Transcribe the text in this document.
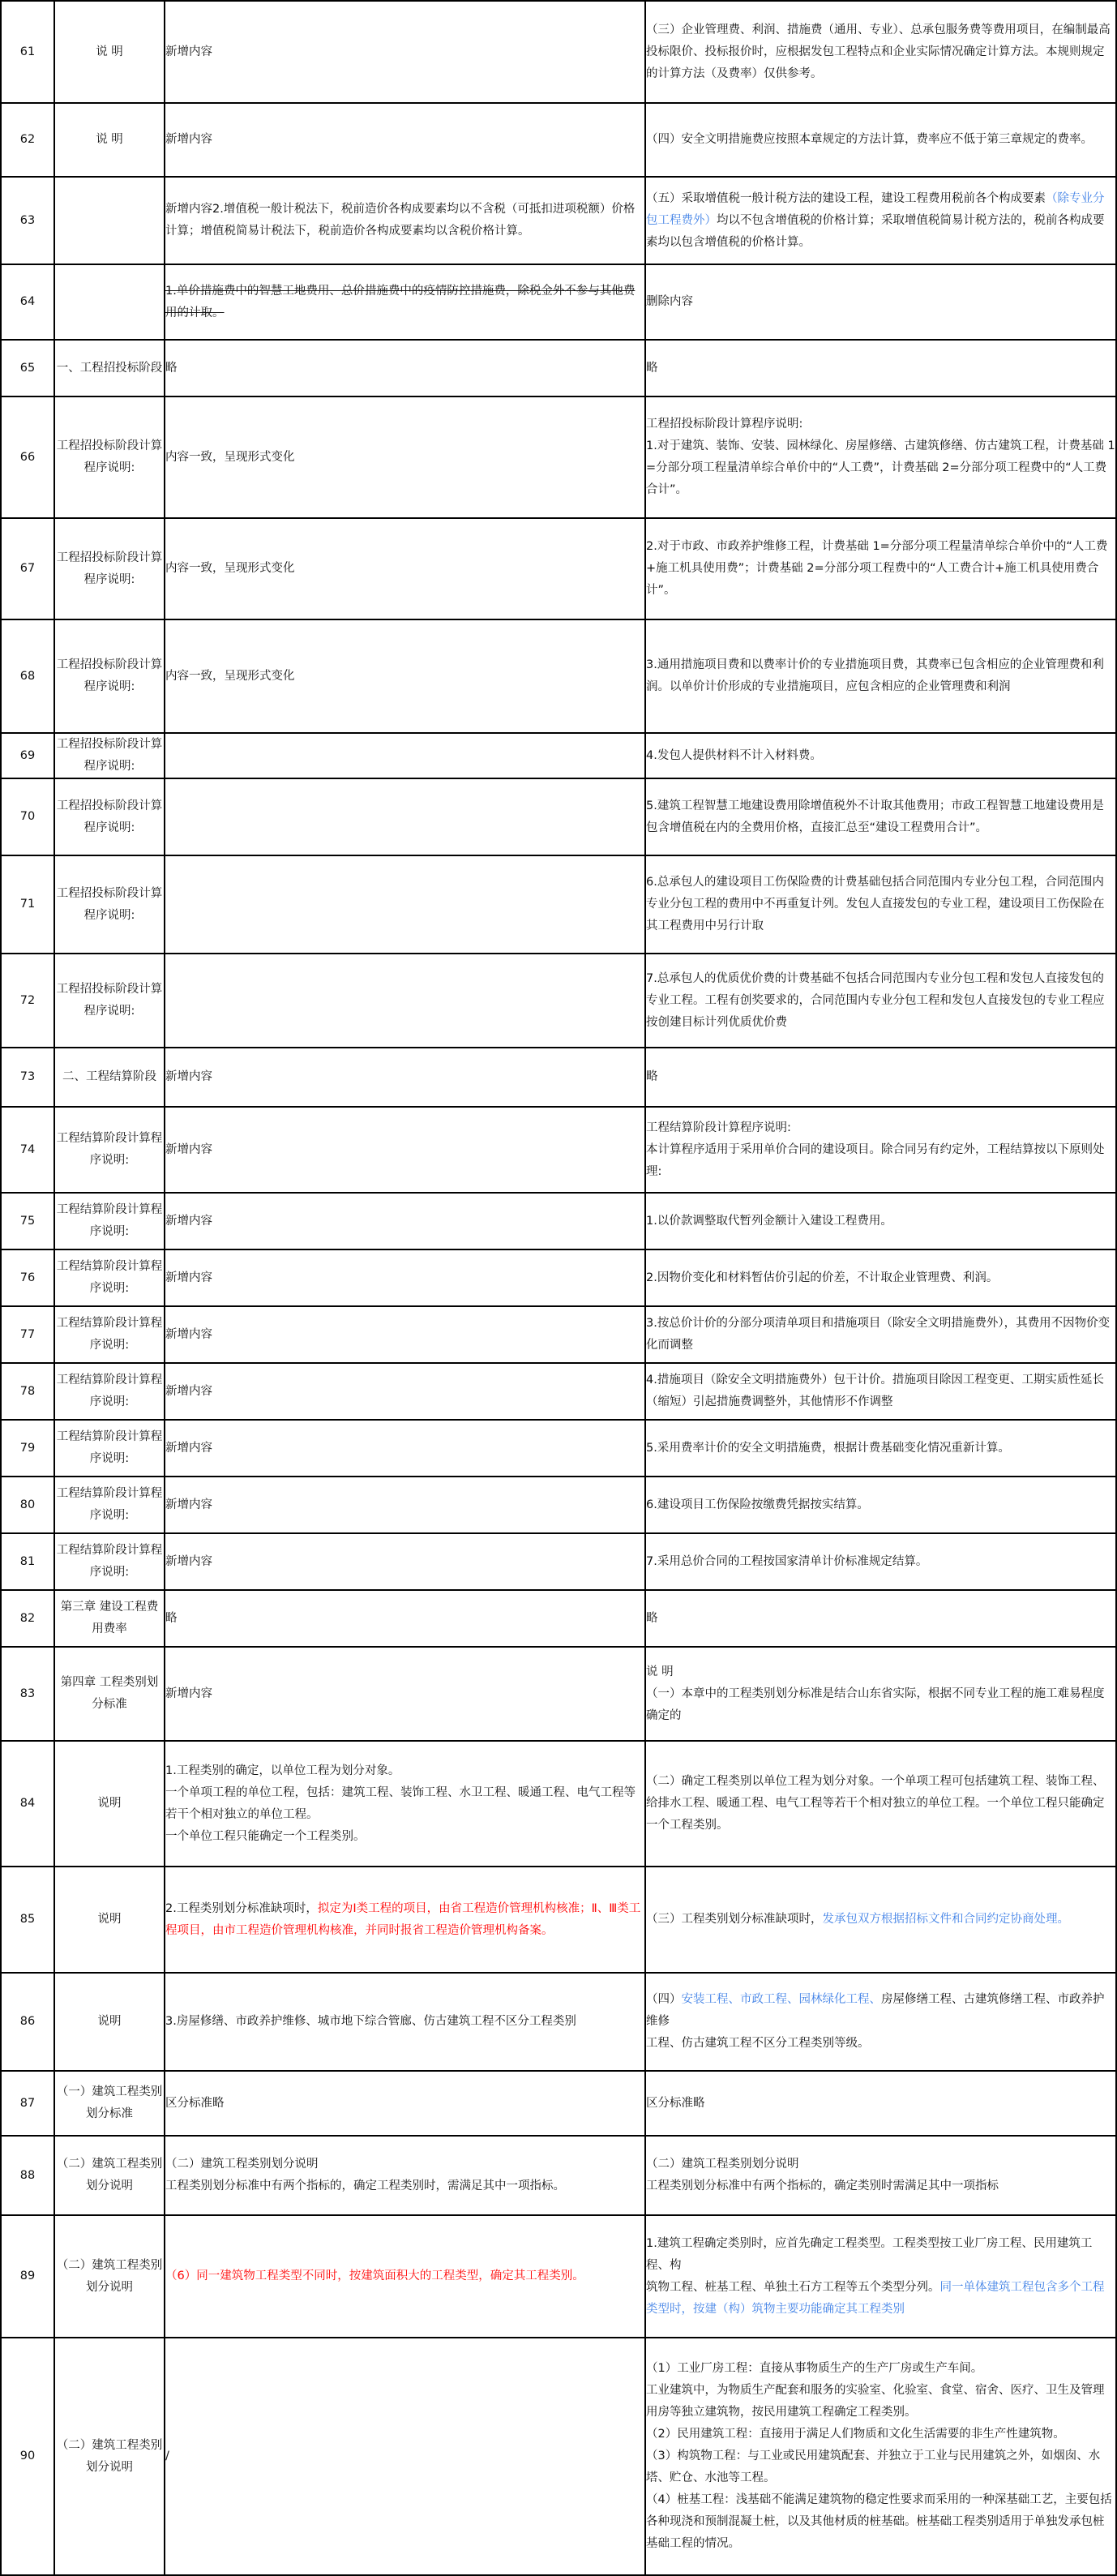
61	说 明	新增内容	（三）企业管理费、利润、措施费（通用、专业）、总承包服务费等费用项目，在编制最高投标限价、投标报价时，应根据发包工程特点和企业实际情况确定计算方法。本规则规定的计算方法（及费率）仅供参考。
62	说 明	新增内容	（四）安全文明措施费应按照本章规定的方法计算，费率应不低于第三章规定的费率。
63		新增内容2.增值税一般计税法下，税前造价各构成要素均以不含税（可抵扣进项税额）价格计算；增值税简易计税法下，税前造价各构成要素均以含税价格计算。	（五）采取增值税一般计税方法的建设工程，建设工程费用税前各个构成要素（除专业分包工程费外）均以不包含增值税的价格计算；采取增值税简易计税方法的，税前各构成要素均以包含增值税的价格计算。
64		1.单价措施费中的智慧工地费用、总价措施费中的疫情防控措施费，除税金外不参与其他费用的计取。	删除内容
65	一、工程招投标阶段	略	略
66	工程招投标阶段计算程序说明:	内容一致，呈现形式变化	工程招投标阶段计算程序说明:
1.对于建筑、装饰、安装、园林绿化、房屋修缮、古建筑修缮、仿古建筑工程，计费基础 1=分部分项工程量清单综合单价中的“人工费”，计费基础 2=分部分项工程费中的“人工费合计”。
67	工程招投标阶段计算程序说明:	内容一致，呈现形式变化	2.对于市政、市政养护维修工程，计费基础 1=分部分项工程量清单综合单价中的“人工费+施工机具使用费”；计费基础 2=分部分项工程费中的“人工费合计+施工机具使用费合计”。
68	工程招投标阶段计算程序说明:	内容一致，呈现形式变化	3.通用措施项目费和以费率计价的专业措施项目费，其费率已包含相应的企业管理费和利润。以单价计价形成的专业措施项目，应包含相应的企业管理费和利润
69	工程招投标阶段计算程序说明:		4.发包人提供材料不计入材料费。
70	工程招投标阶段计算程序说明:		5.建筑工程智慧工地建设费用除增值税外不计取其他费用；市政工程智慧工地建设费用是包含增值税在内的全费用价格，直接汇总至“建设工程费用合计”。
71	工程招投标阶段计算程序说明:		6.总承包人的建设项目工伤保险费的计费基础包括合同范围内专业分包工程，合同范围内专业分包工程的费用中不再重复计列。发包人直接发包的专业工程，建设项目工伤保险在其工程费用中另行计取
72	工程招投标阶段计算程序说明:		7.总承包人的优质优价费的计费基础不包括合同范围内专业分包工程和发包人直接发包的专业工程。工程有创奖要求的，合同范围内专业分包工程和发包人直接发包的专业工程应按创建目标计列优质优价费
73	二、工程结算阶段	新增内容	略
74	工程结算阶段计算程序说明:	新增内容	工程结算阶段计算程序说明:
本计算程序适用于采用单价合同的建设项目。除合同另有约定外，工程结算按以下原则处理:
75	工程结算阶段计算程序说明:	新增内容	1.以价款调整取代暂列金额计入建设工程费用。
76	工程结算阶段计算程序说明:	新增内容	2.因物价变化和材料暂估价引起的价差，不计取企业管理费、利润。
77	工程结算阶段计算程序说明:	新增内容	3.按总价计价的分部分项清单项目和措施项目（除安全文明措施费外），其费用不因物价变化而调整
78	工程结算阶段计算程序说明:	新增内容	4.措施项目（除安全文明措施费外）包干计价。措施项目除因工程变更、工期实质性延长（缩短）引起措施费调整外，其他情形不作调整
79	工程结算阶段计算程序说明:	新增内容	5.采用费率计价的安全文明措施费，根据计费基础变化情况重新计算。
80	工程结算阶段计算程序说明:	新增内容	6.建设项目工伤保险按缴费凭据按实结算。
81	工程结算阶段计算程序说明:	新增内容	7.采用总价合同的工程按国家清单计价标准规定结算。
82	第三章 建设工程费用费率	略	略
83	第四章 工程类别划分标准	新增内容	说 明
（一）本章中的工程类别划分标准是结合山东省实际，根据不同专业工程的施工难易程度确定的
84	说明	1.工程类别的确定，以单位工程为划分对象。
一个单项工程的单位工程，包括：建筑工程、装饰工程、水卫工程、暖通工程、电气工程等若干个相对独立的单位工程。
一个单位工程只能确定一个工程类别。	（二）确定工程类别以单位工程为划分对象。一个单项工程可包括建筑工程、装饰工程、给排水工程、暖通工程、电气工程等若干个相对独立的单位工程。一个单位工程只能确定一个工程类别。
85	说明	2.工程类别划分标准缺项时，拟定为Ⅰ类工程的项目，由省工程造价管理机构核准；Ⅱ、Ⅲ类工程项目，由市工程造价管理机构核准，并同时报省工程造价管理机构备案。	（三）工程类别划分标准缺项时，发承包双方根据招标文件和合同约定协商处理。
86	说明	3.房屋修缮、市政养护维修、城市地下综合管廊、仿古建筑工程不区分工程类别	（四）安装工程、市政工程、园林绿化工程、房屋修缮工程、古建筑修缮工程、市政养护维修
工程、仿古建筑工程不区分工程类别等级。
87	（一）建筑工程类别划分标准	区分标准略	区分标准略
88	（二）建筑工程类别划分说明	（二）建筑工程类别划分说明
工程类别划分标准中有两个指标的，确定工程类别时，需满足其中一项指标。	（二）建筑工程类别划分说明
工程类别划分标准中有两个指标的，确定类别时需满足其中一项指标
89	（二）建筑工程类别划分说明	（6）同一建筑物工程类型不同时，按建筑面积大的工程类型，确定其工程类别。	1.建筑工程确定类别时，应首先确定工程类型。工程类型按工业厂房工程、民用建筑工程、构
筑物工程、桩基工程、单独土石方工程等五个类型分列。同一单体建筑工程包含多个工程类型时，按建（构）筑物主要功能确定其工程类别
90	（二）建筑工程类别划分说明	/	（1）工业厂房工程：直接从事物质生产的生产厂房或生产车间。
工业建筑中，为物质生产配套和服务的实验室、化验室、食堂、宿舍、医疗、卫生及管理用房等独立建筑物，按民用建筑工程确定工程类别。
（2）民用建筑工程：直接用于满足人们物质和文化生活需要的非生产性建筑物。
（3）构筑物工程：与工业或民用建筑配套、并独立于工业与民用建筑之外，如烟囱、水塔、贮仓、水池等工程。
（4）桩基工程：浅基础不能满足建筑物的稳定性要求而采用的一种深基础工艺，主要包括各种现浇和预制混凝土桩，以及其他材质的桩基础。桩基础工程类别适用于单独发承包桩基础工程的情况。
